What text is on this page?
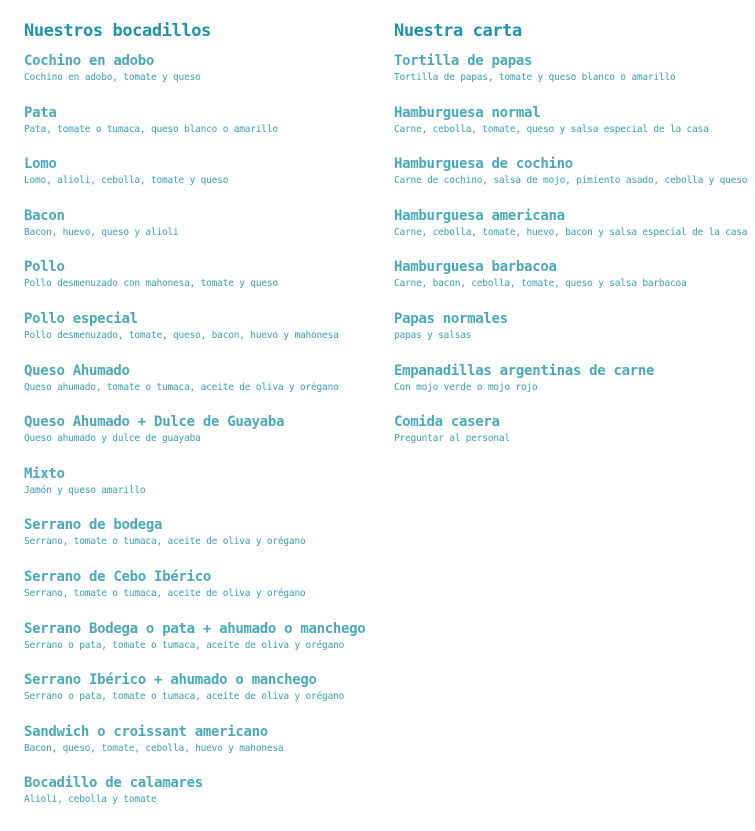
Nuestros bocadillos
Cochino en adobo
Cochino en adobo, tomate y queso
Pata
Pata, tomate o tumaca, queso blanco o amarillo
Lomo
Lomo, alioli, cebolla, tomate y queso
Bacon
Bacon, huevo, queso y alioli
Pollo
Pollo desmenuzado con mahonesa, tomate y queso
Pollo especial
Pollo desmenuzado, tomate, queso, bacon, huevo y mahonesa
Queso Ahumado
Queso ahumado, tomate o tumaca, aceite de oliva y orégano
Queso Ahumado + Dulce de Guayaba
Queso ahumado y dulce de guayaba
Mixto
Jamón y queso amarillo
Serrano de bodega
Serrano, tomate o tumaca, aceite de oliva y orégano
Serrano de Cebo Ibérico
Serrano, tomate o tumaca, aceite de oliva y orégano
Serrano Bodega o pata + ahumado o manchego
Serrano o pata, tomate o tumaca, aceite de oliva y orégano
Serrano Ibérico + ahumado o manchego
Serrano o pata, tomate o tumaca, aceite de oliva y orégano
Sandwich o croissant americano
Bacon, queso, tomate, cebolla, huevo y mahonesa
Bocadillo de calamares
Alioli, cebolla y tomate
Nuestra carta
Tortilla de papas
Tortilla de papas, tomate y queso blanco o amarillo
Hamburguesa normal
Carne, cebolla, tomate, queso y salsa especial de la casa
Hamburguesa de cochino
Carne de cochino, salsa de mojo, pimiento asado, cebolla y queso
Hamburguesa americana
Carne, cebolla, tomate, huevo, bacon y salsa especial de la casa
Hamburguesa barbacoa
Carne, bacon, cebolla, tomate, queso y salsa barbacoa
Papas normales
papas y salsas
Empanadillas argentinas de carne
Con mojo verde o mojo rojo
Comida casera
Preguntar al personal
